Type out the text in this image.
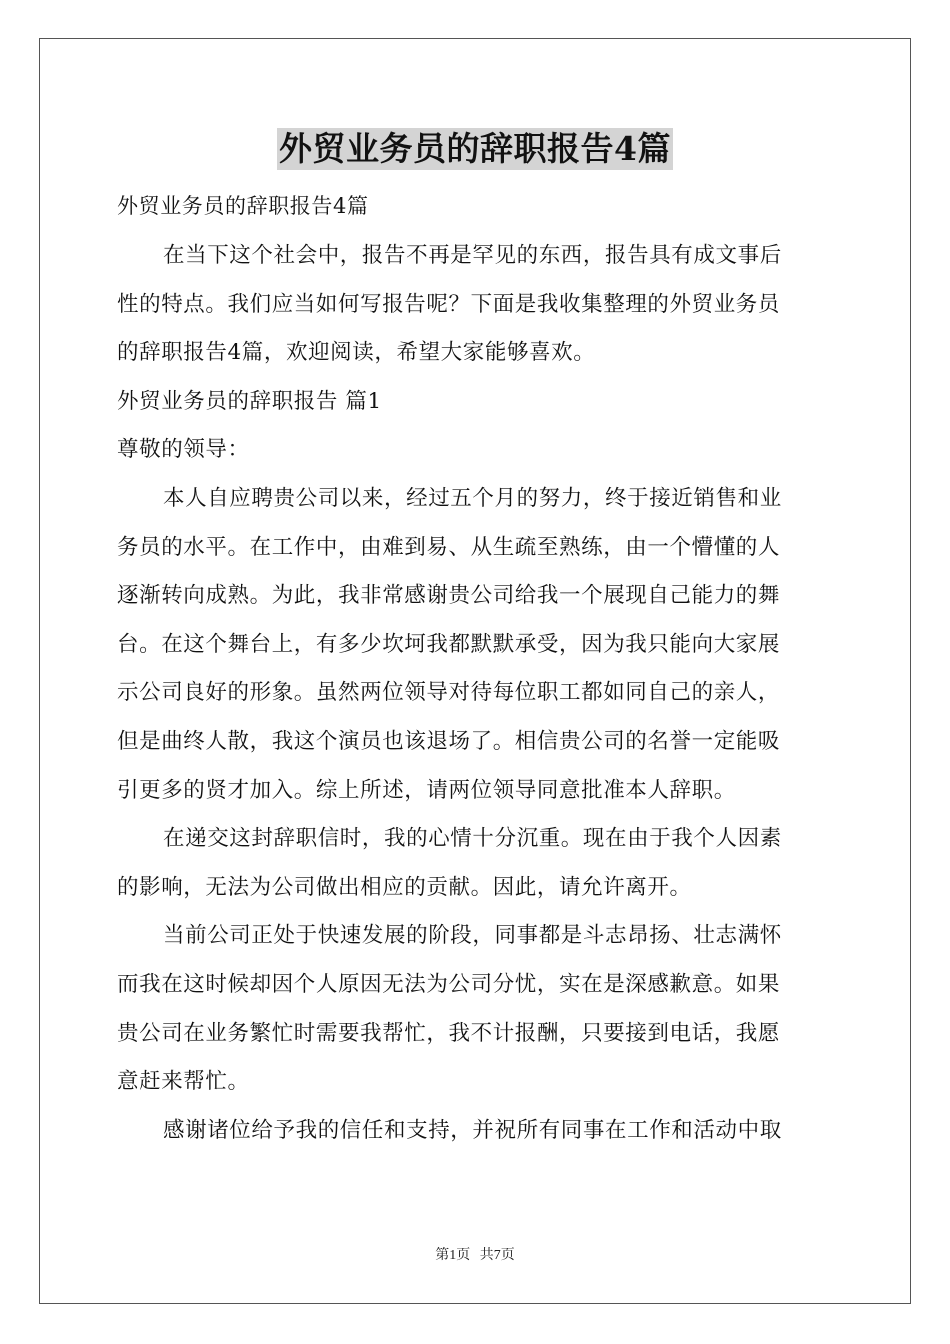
外贸业务员的辞职报告4篇
外贸业务员的辞职报告4篇
在当下这个社会中，报告不再是罕见的东西，报告具有成文事后
性的特点。我们应当如何写报告呢？下面是我收集整理的外贸业务员
的辞职报告4篇，欢迎阅读，希望大家能够喜欢。
外贸业务员的辞职报告 篇1
尊敬的领导：
本人自应聘贵公司以来，经过五个月的努力，终于接近销售和业
务员的水平。在工作中，由难到易、从生疏至熟练，由一个懵懂的人
逐渐转向成熟。为此，我非常感谢贵公司给我一个展现自己能力的舞
台。在这个舞台上，有多少坎坷我都默默承受，因为我只能向大家展
示公司良好的形象。虽然两位领导对待每位职工都如同自己的亲人，
但是曲终人散，我这个演员也该退场了。相信贵公司的名誉一定能吸
引更多的贤才加入。综上所述，请两位领导同意批准本人辞职。
在递交这封辞职信时，我的心情十分沉重。现在由于我个人因素
的影响，无法为公司做出相应的贡献。因此，请允许离开。
当前公司正处于快速发展的阶段，同事都是斗志昂扬、壮志满怀
而我在这时候却因个人原因无法为公司分忧，实在是深感歉意。如果
贵公司在业务繁忙时需要我帮忙，我不计报酬，只要接到电话，我愿
意赶来帮忙。
感谢诸位给予我的信任和支持，并祝所有同事在工作和活动中取
第1页 共7页
